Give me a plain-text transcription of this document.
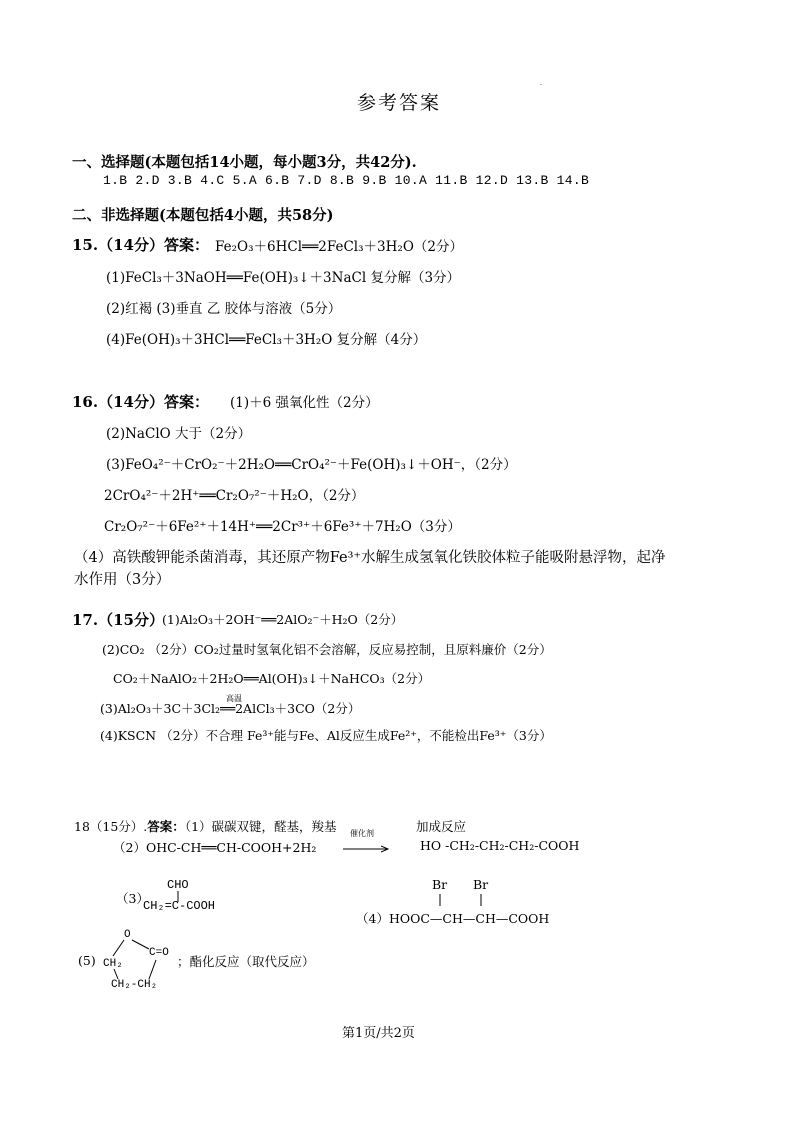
参考答案
.
一、选择题(本题包括14小题，每小题3分，共42分).
1.B 2.D 3.B 4.C 5.A 6.B 7.D 8.B 9.B 10.A 11.B 12.D 13.B 14.B
二、非选择题(本题包括4小题，共58分)
15.（14分）答案： Fe₂O₃＋6HCl══2FeCl₃＋3H₂O（2分）
(1)FeCl₃＋3NaOH══Fe(OH)₃↓＋3NaCl 复分解（3分）
(2)红褐 (3)垂直 乙 胶体与溶液（5分）
(4)Fe(OH)₃＋3HCl══FeCl₃＋3H₂O 复分解（4分）
16.（14分）答案： (1)＋6 强氧化性（2分）
(2)NaClO 大于（2分）
(3)FeO₄²⁻＋CrO₂⁻＋2H₂O══CrO₄²⁻＋Fe(OH)₃↓＋OH⁻，（2分）
2CrO₄²⁻＋2H⁺══Cr₂O₇²⁻＋H₂O，（2分）
Cr₂O₇²⁻＋6Fe²⁺＋14H⁺══2Cr³⁺＋6Fe³⁺＋7H₂O（3分）
（4）高铁酸钾能杀菌消毒，其还原产物Fe³⁺水解生成氢氧化铁胶体粒子能吸附悬浮物，起净
水作用（3分）
17.（15分）
(1)Al₂O₃＋2OH⁻══2AlO₂⁻＋H₂O（2分）
(2)CO₂ （2分）CO₂过量时氢氧化铝不会溶解，反应易控制，且原料廉价（2分）
CO₂＋NaAlO₂＋2H₂O══Al(OH)₃↓＋NaHCO₃（2分）
高温
(3)Al₂O₃＋3C＋3Cl₂══2AlCl₃＋3CO（2分）
(4)KSCN （2分）不合理 Fe³⁺能与Fe、Al反应生成Fe²⁺，不能检出Fe³⁺（3分）
18（15分）.答案：（1）碳碳双键，醛基，羧基	加成反应
催化剂
（2）OHC-CH══CH-COOH+2H₂	HO -CH₂-CH₂-CH₂-COOH
（3）
CHO
CH₂=C-COOH
Br Br
（4）HOOC—CH—CH—COOH
(5)
O
C=O
CH₂
CH₂-CH₂
；酯化反应（取代反应）
第1页/共2页
